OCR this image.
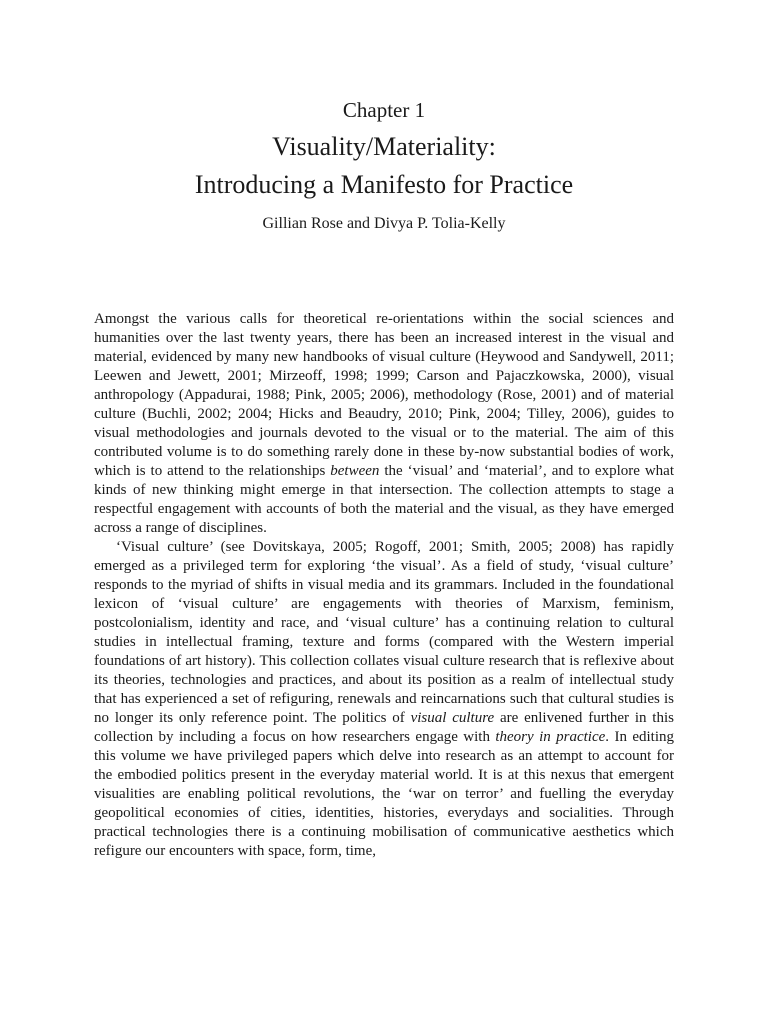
Chapter 1
Visuality/Materiality:
Introducing a Manifesto for Practice
Gillian Rose and Divya P. Tolia-Kelly

Amongst the various calls for theoretical re-orientations within the social sciences and humanities over the last twenty years, there has been an increased interest in the visual and material, evidenced by many new handbooks of visual culture (Heywood and Sandywell, 2011; Leewen and Jewett, 2001; Mirzeoff, 1998; 1999; Carson and Pajaczkowska, 2000), visual anthropology (Appadurai, 1988; Pink, 2005; 2006), methodology (Rose, 2001) and of material culture (Buchli, 2002; 2004; Hicks and Beaudry, 2010; Pink, 2004; Tilley, 2006), guides to visual methodologies and journals devoted to the visual or to the material. The aim of this contributed volume is to do something rarely done in these by-now substantial bodies of work, which is to attend to the relationships between the ‘visual’ and ‘material’, and to explore what kinds of new thinking might emerge in that intersection. The collection attempts to stage a respectful engagement with accounts of both the material and the visual, as they have emerged across a range of disciplines.

‘Visual culture’ (see Dovitskaya, 2005; Rogoff, 2001; Smith, 2005; 2008) has rapidly emerged as a privileged term for exploring ‘the visual’. As a field of study, ‘visual culture’ responds to the myriad of shifts in visual media and its grammars. Included in the foundational lexicon of ‘visual culture’ are engagements with theories of Marxism, feminism, postcolonialism, identity and race, and ‘visual culture’ has a continuing relation to cultural studies in intellectual framing, texture and forms (compared with the Western imperial foundations of art history). This collection collates visual culture research that is reflexive about its theories, technologies and practices, and about its position as a realm of intellectual study that has experienced a set of refiguring, renewals and reincarnations such that cultural studies is no longer its only reference point. The politics of visual culture are enlivened further in this collection by including a focus on how researchers engage with theory in practice. In editing this volume we have privileged papers which delve into research as an attempt to account for the embodied politics present in the everyday material world. It is at this nexus that emergent visualities are enabling political revolutions, the ‘war on terror’ and fuelling the everyday geopolitical economies of cities, identities, histories, everydays and socialities. Through practical technologies there is a continuing mobilisation of communicative aesthetics which refigure our encounters with space, form, time,
